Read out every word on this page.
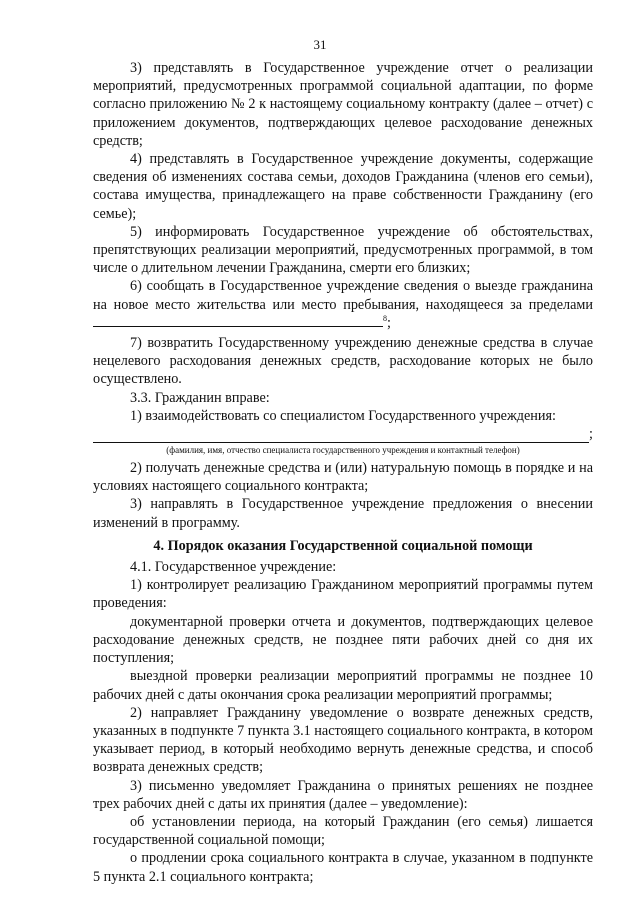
31

3) представлять в Государственное учреждение отчет о реализации мероприятий, предусмотренных программой социальной адаптации, по форме согласно приложению № 2 к настоящему социальному контракту (далее – отчет) с приложением документов, подтверждающих целевое расходование денежных средств;

4) представлять в Государственное учреждение документы, содержащие сведения об изменениях состава семьи, доходов Гражданина (членов его семьи), состава имущества, принадлежащего на праве собственности Гражданину (его семье);

5) информировать Государственное учреждение об обстоятельствах, препятствующих реализации мероприятий, предусмотренных программой, в том числе о длительном лечении Гражданина, смерти его близких;

6) сообщать в Государственное учреждение сведения о выезде гражданина на новое место жительства или место пребывания, находящееся за пределами $^8$;

7) возвратить Государственному учреждению денежные средства в случае нецелевого расходования денежных средств, расходование которых не было осуществлено.

3.3. Гражданин вправе:

1) взаимодействовать со специалистом Государственного учреждения:

;
(фамилия, имя, отчество специалиста государственного учреждения и контактный телефон)

2) получать денежные средства и (или) натуральную помощь в порядке и на условиях настоящего социального контракта;

3) направлять в Государственное учреждение предложения о внесении изменений в программу.

4. Порядок оказания Государственной социальной помощи

4.1. Государственное учреждение:

1) контролирует реализацию Гражданином мероприятий программы путем проведения:

документарной проверки отчета и документов, подтверждающих целевое расходование денежных средств, не позднее пяти рабочих дней со дня их поступления;

выездной проверки реализации мероприятий программы не позднее 10 рабочих дней с даты окончания срока реализации мероприятий программы;

2) направляет Гражданину уведомление о возврате денежных средств, указанных в подпункте 7 пункта 3.1 настоящего социального контракта, в котором указывает период, в который необходимо вернуть денежные средства, и способ возврата денежных средств;

3) письменно уведомляет Гражданина о принятых решениях не позднее трех рабочих дней с даты их принятия (далее – уведомление):

об установлении периода, на который Гражданин (его семья) лишается государственной социальной помощи;

о продлении срока социального контракта в случае, указанном в подпункте 5 пункта 2.1 социального контракта;
